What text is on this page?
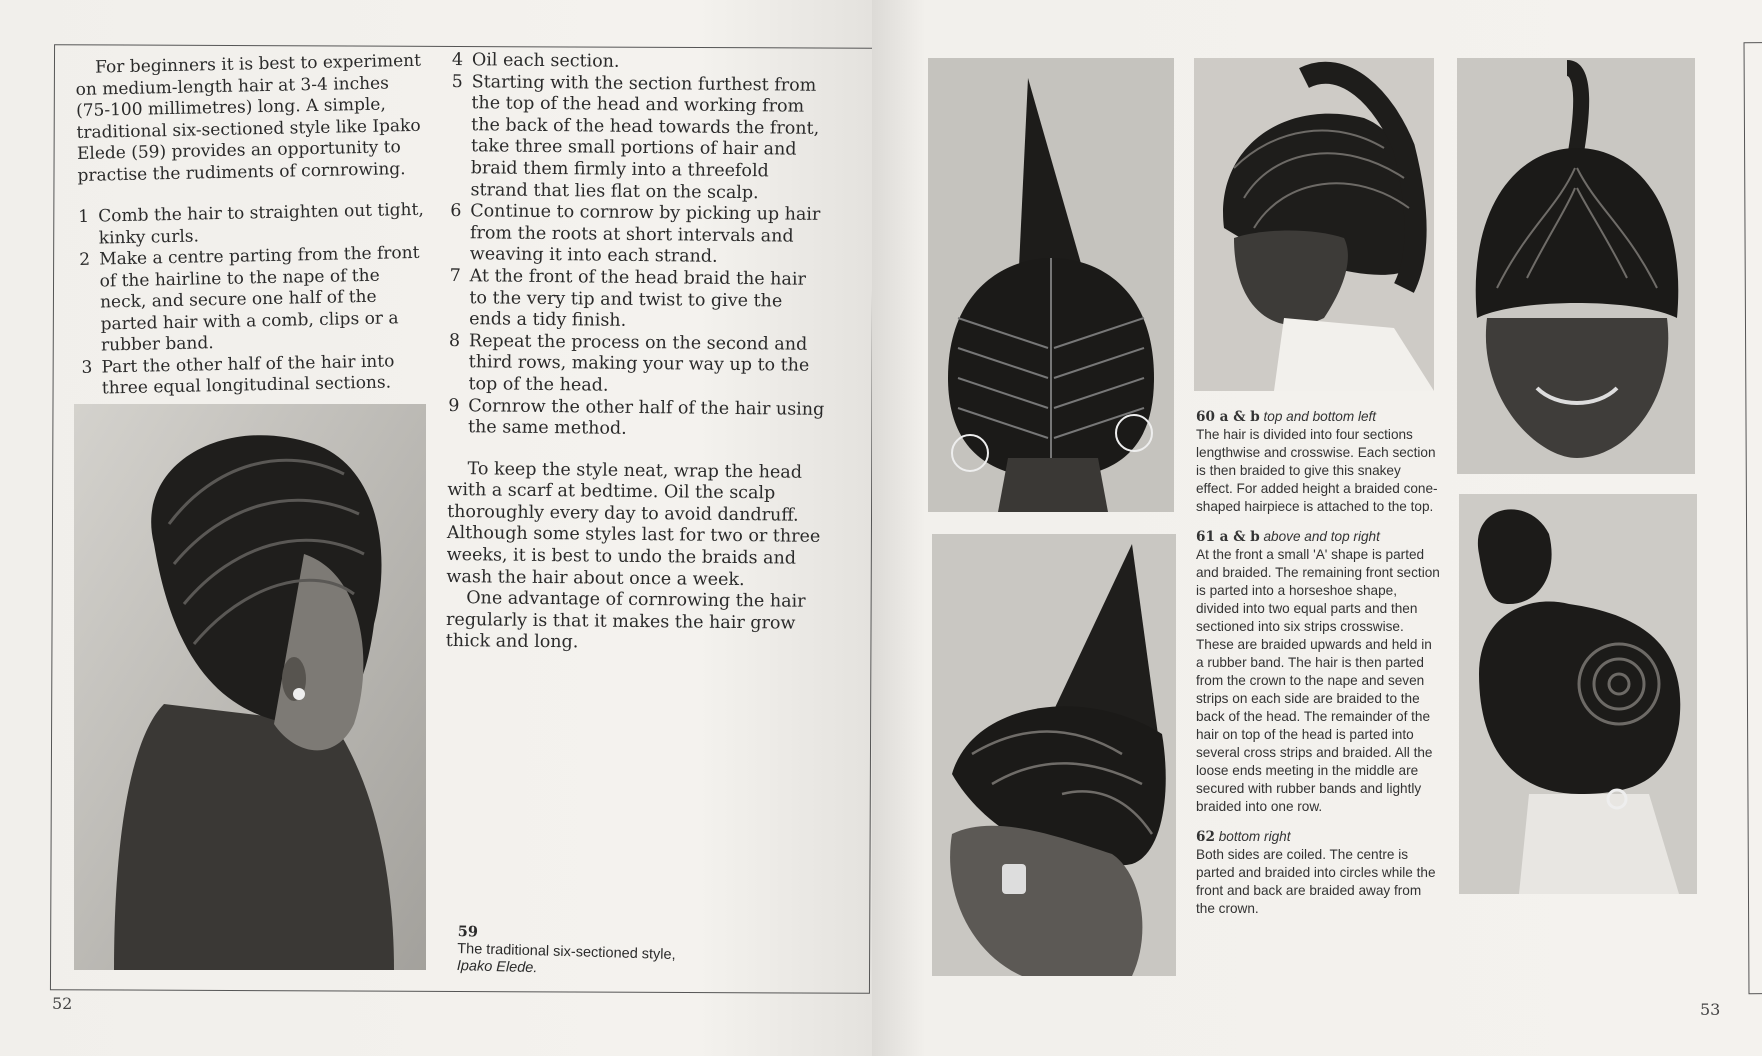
For beginners it is best to experiment on medium-length hair at 3-4 inches (75-100 millimetres) long. A simple, traditional six-sectioned style like Ipako Elede (59) provides an opportunity to practise the rudiments of cornrowing.

1 Comb the hair to straighten out tight, kinky curls.
2 Make a centre parting from the front of the hairline to the nape of the neck, and secure one half of the parted hair with a comb, clips or a rubber band.
3 Part the other half of the hair into three equal longitudinal sections.
4 Oil each section.
5 Starting with the section furthest from the top of the head and working from the back of the head towards the front, take three small portions of hair and braid them firmly into a threefold strand that lies flat on the scalp.
6 Continue to cornrow by picking up hair from the roots at short intervals and weaving it into each strand.
7 At the front of the head braid the hair to the very tip and twist to give the ends a tidy finish.
8 Repeat the process on the second and third rows, making your way up to the top of the head.
9 Cornrow the other half of the hair using the same method.

To keep the style neat, wrap the head with a scarf at bedtime. Oil the scalp thoroughly every day to avoid dandruff. Although some styles last for two or three weeks, it is best to undo the braids and wash the hair about once a week.

One advantage of cornrowing the hair regularly is that it makes the hair grow thick and long.

59
The traditional six-sectioned style,
Ipako Elede.
52
60 a & b top and bottom left
The hair is divided into four sections lengthwise and crosswise. Each section is then braided to give this snakey effect. For added height a braided cone-shaped hairpiece is attached to the top.
61 a & b above and top right
At the front a small 'A' shape is parted and braided. The remaining front section is parted into a horseshoe shape, divided into two equal parts and then sectioned into six strips crosswise. These are braided upwards and held in a rubber band. The hair is then parted from the crown to the nape and seven strips on each side are braided to the back of the head. The remainder of the hair on top of the head is parted into several cross strips and braided. All the loose ends meeting in the middle are secured with rubber bands and lightly braided into one row.
62 bottom right
Both sides are coiled. The centre is parted and braided into circles while the front and back are braided away from the crown.
53
